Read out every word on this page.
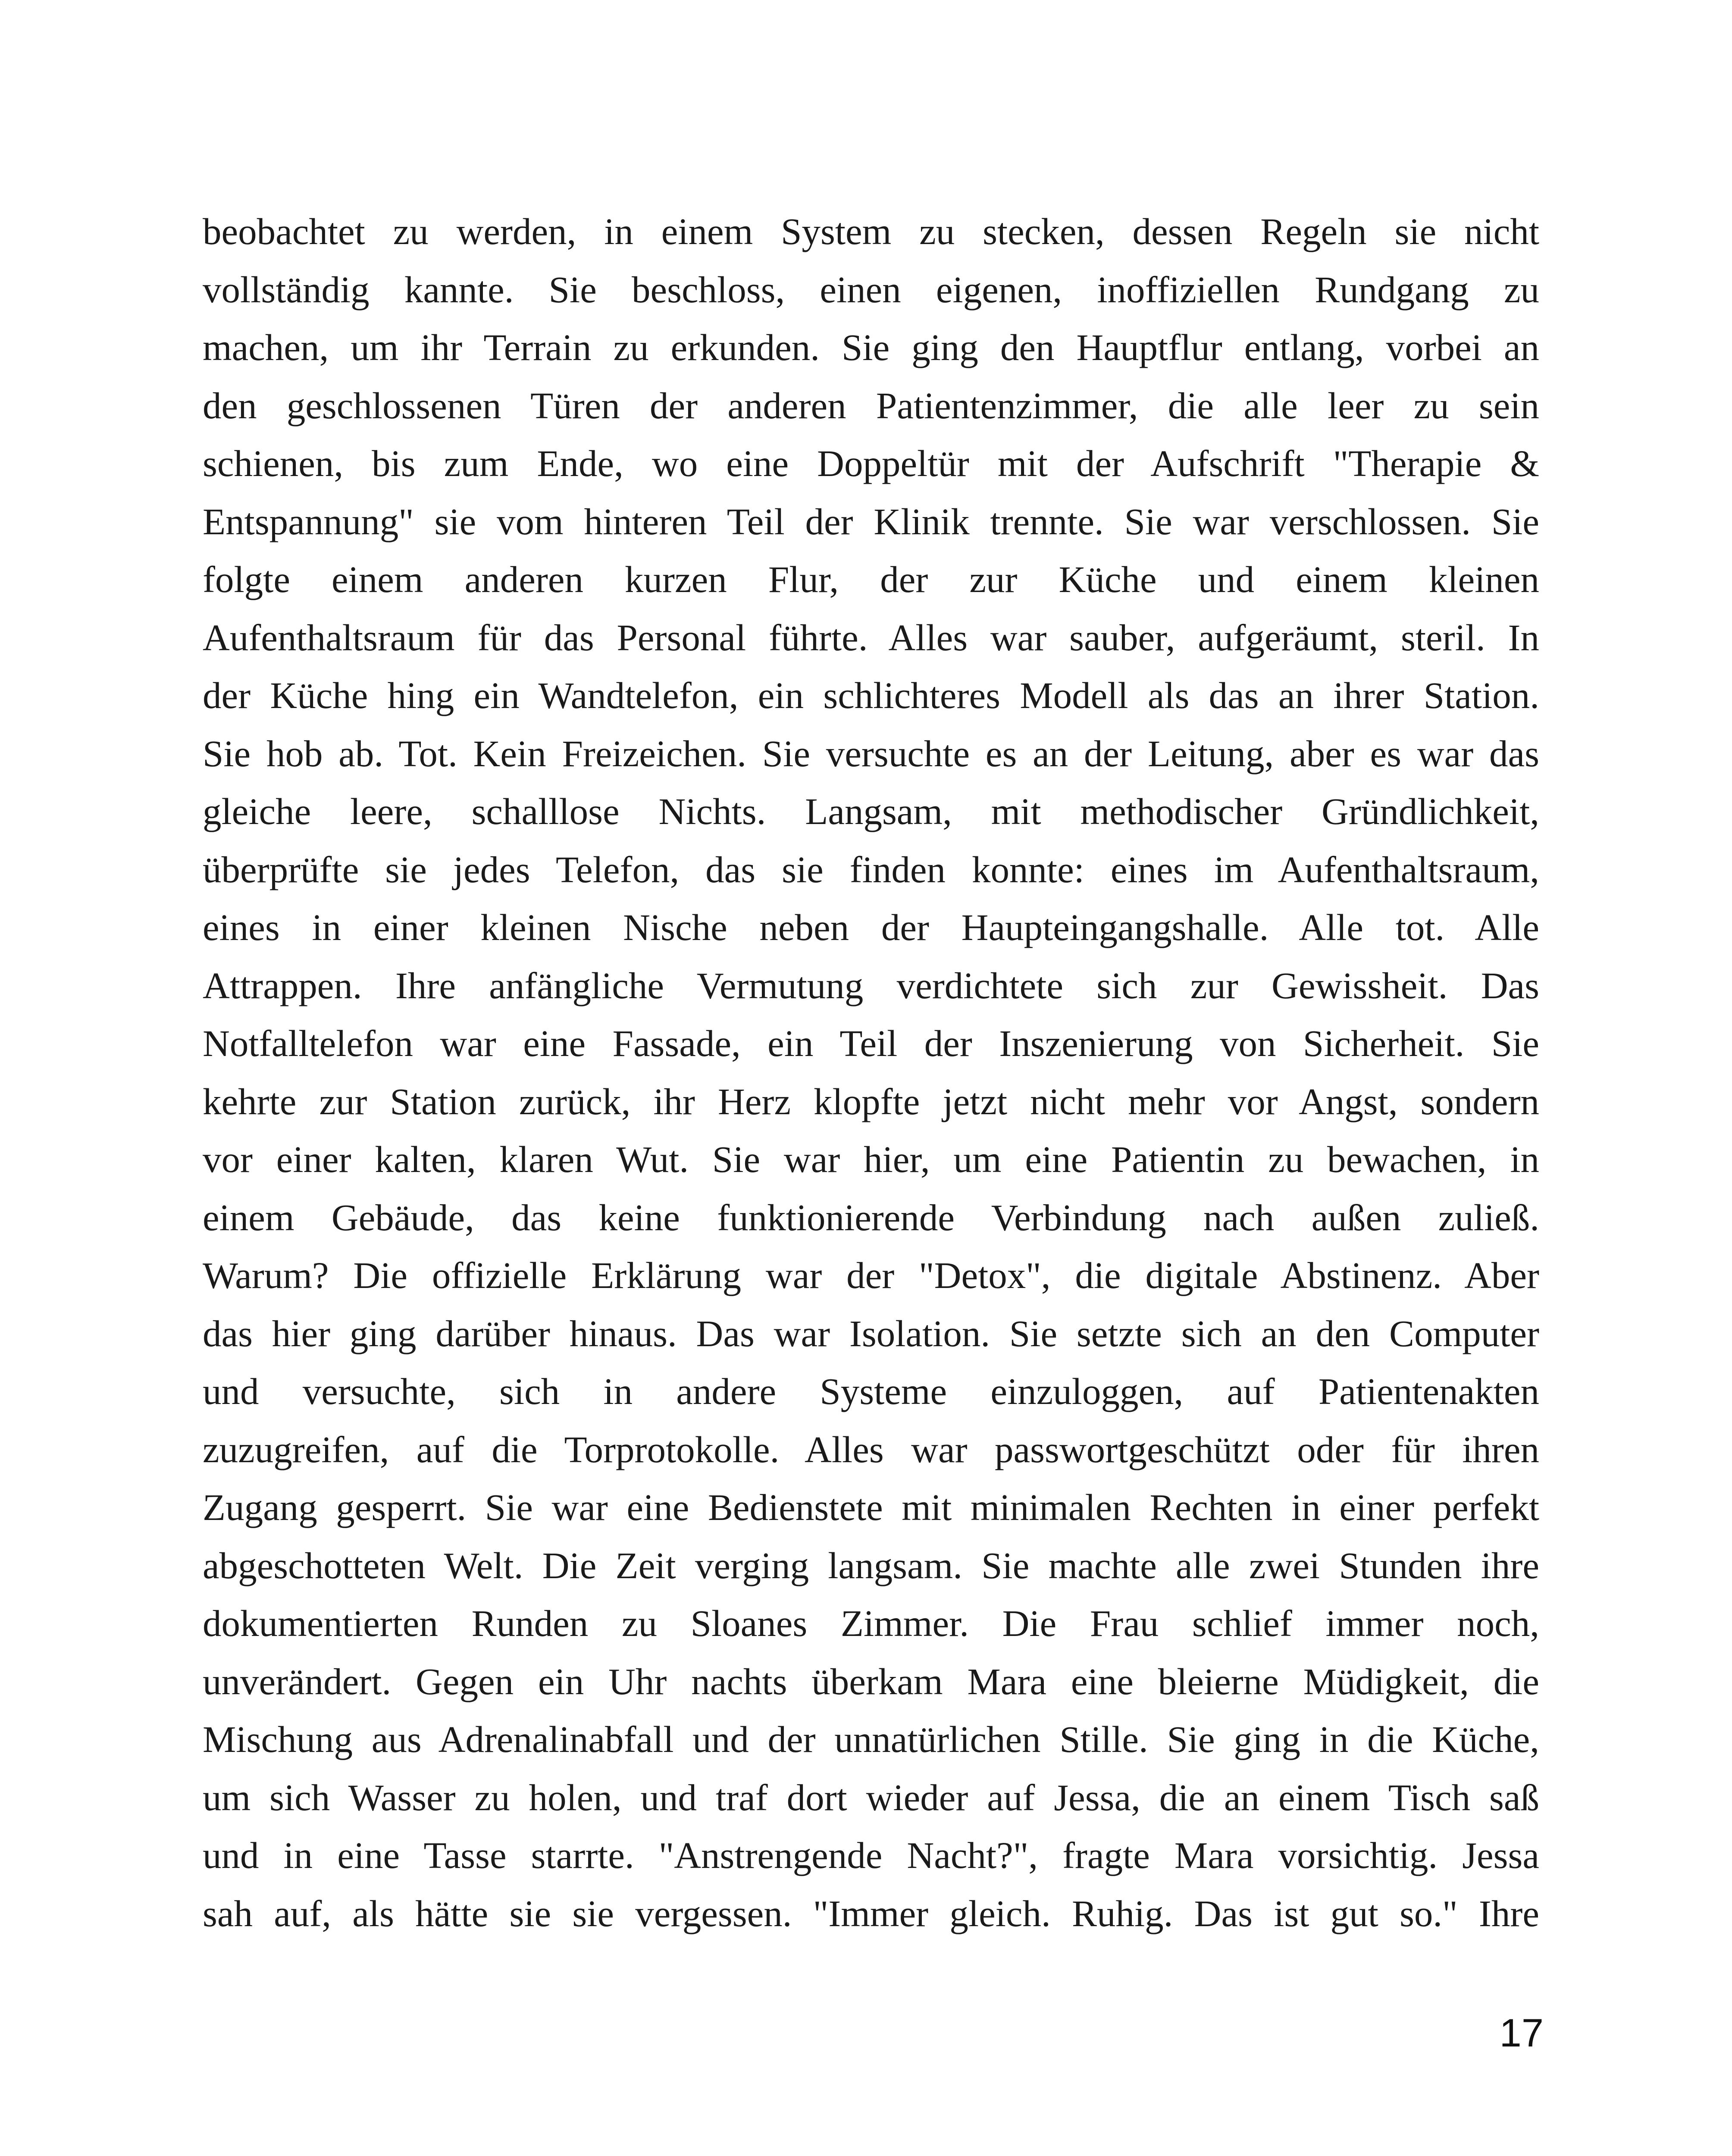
beobachtet zu werden, in einem System zu stecken, dessen Regeln sie nicht
vollständig kannte. Sie beschloss, einen eigenen, inoffiziellen Rundgang zu
machen, um ihr Terrain zu erkunden. Sie ging den Hauptflur entlang, vorbei an
den geschlossenen Türen der anderen Patientenzimmer, die alle leer zu sein
schienen, bis zum Ende, wo eine Doppeltür mit der Aufschrift "Therapie &
Entspannung" sie vom hinteren Teil der Klinik trennte. Sie war verschlossen. Sie
folgte einem anderen kurzen Flur, der zur Küche und einem kleinen
Aufenthaltsraum für das Personal führte. Alles war sauber, aufgeräumt, steril. In
der Küche hing ein Wandtelefon, ein schlichteres Modell als das an ihrer Station.
Sie hob ab. Tot. Kein Freizeichen. Sie versuchte es an der Leitung, aber es war das
gleiche leere, schalllose Nichts. Langsam, mit methodischer Gründlichkeit,
überprüfte sie jedes Telefon, das sie finden konnte: eines im Aufenthaltsraum,
eines in einer kleinen Nische neben der Haupteingangshalle. Alle tot. Alle
Attrappen. Ihre anfängliche Vermutung verdichtete sich zur Gewissheit. Das
Notfalltelefon war eine Fassade, ein Teil der Inszenierung von Sicherheit. Sie
kehrte zur Station zurück, ihr Herz klopfte jetzt nicht mehr vor Angst, sondern
vor einer kalten, klaren Wut. Sie war hier, um eine Patientin zu bewachen, in
einem Gebäude, das keine funktionierende Verbindung nach außen zuließ.
Warum? Die offizielle Erklärung war der "Detox", die digitale Abstinenz. Aber
das hier ging darüber hinaus. Das war Isolation. Sie setzte sich an den Computer
und versuchte, sich in andere Systeme einzuloggen, auf Patientenakten
zuzugreifen, auf die Torprotokolle. Alles war passwortgeschützt oder für ihren
Zugang gesperrt. Sie war eine Bedienstete mit minimalen Rechten in einer perfekt
abgeschotteten Welt. Die Zeit verging langsam. Sie machte alle zwei Stunden ihre
dokumentierten Runden zu Sloanes Zimmer. Die Frau schlief immer noch,
unverändert. Gegen ein Uhr nachts überkam Mara eine bleierne Müdigkeit, die
Mischung aus Adrenalinabfall und der unnatürlichen Stille. Sie ging in die Küche,
um sich Wasser zu holen, und traf dort wieder auf Jessa, die an einem Tisch saß
und in eine Tasse starrte. "Anstrengende Nacht?", fragte Mara vorsichtig. Jessa
sah auf, als hätte sie sie vergessen. "Immer gleich. Ruhig. Das ist gut so." Ihre
17
